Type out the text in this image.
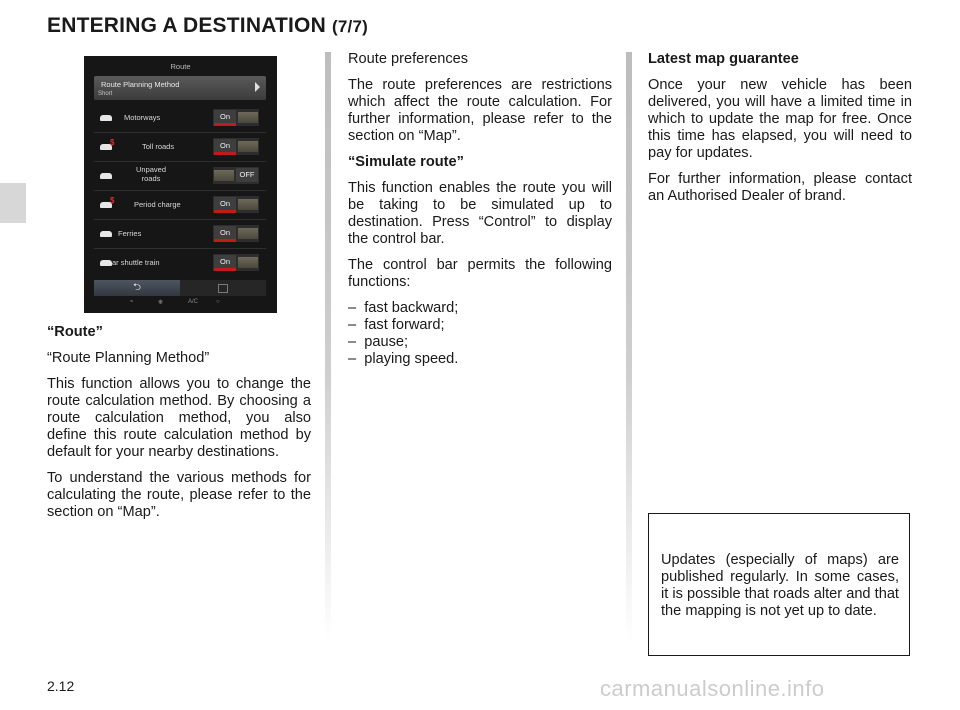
ENTERING A DESTINATION (7/7)
Route
Route Planning Method
Short
Motorways	On
$	Toll roads	On
Unpaved
roads	OFF
$	Period charge	On
Ferries	On
ar shuttle train	On
⮌
≈	❋	A/C	○

“Route”

“Route Planning Method”

This function allows you to change the route calculation method. By choosing a route calculation method, you also define this route calculation method by default for your nearby destinations.

To understand the various methods for calculating the route, please refer to the section on “Map”.

Route preferences

The route preferences are restrictions which affect the route calculation. For further information, please refer to the section on “Map”.

“Simulate route”

This function enables the route you will be taking to be simulated up to destination. Press “Control” to display the control bar.

The control bar permits the following functions:

–  fast backward;
–  fast forward;
–  pause;
–  playing speed.

Latest map guarantee

Once your new vehicle has been delivered, you will have a limited time in which to update the map for free. Once this time has elapsed, you will need to pay for updates.

For further information, please contact an Authorised Dealer of brand.

Updates (especially of maps) are published regularly. In some cases, it is possible that roads alter and that the mapping is not yet up to date.

2.12	carmanualsonline.info
